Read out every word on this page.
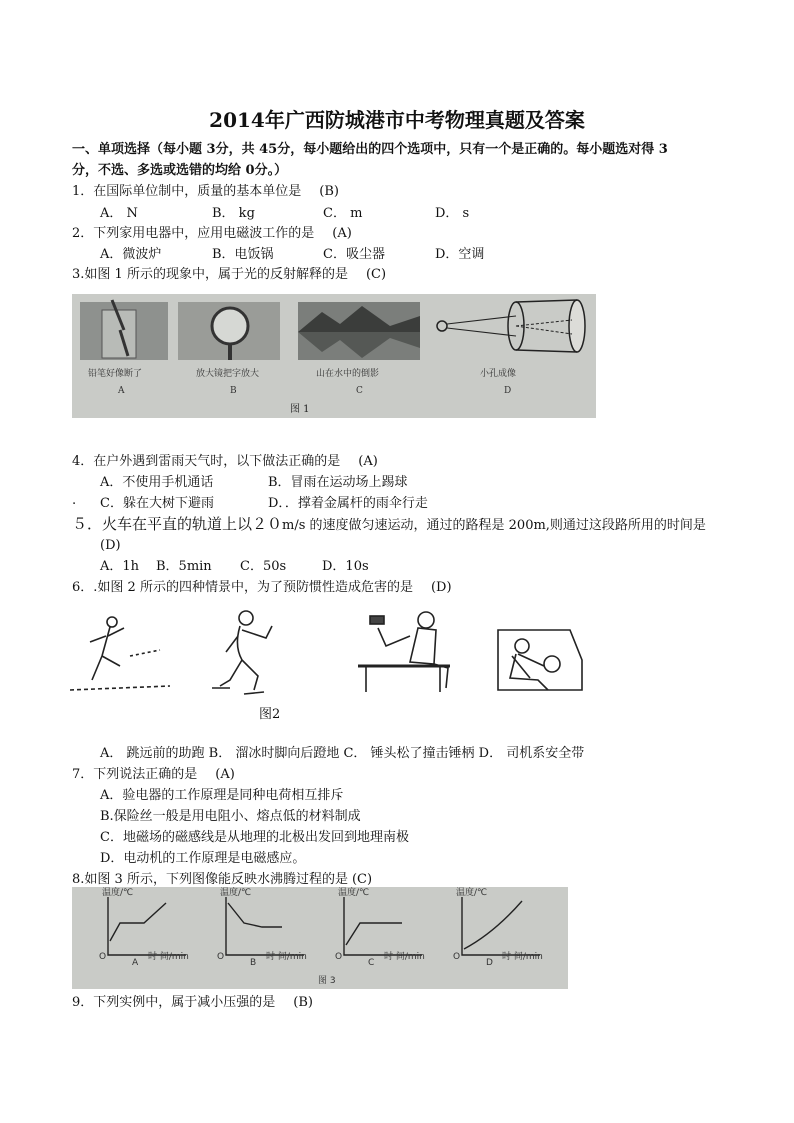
2014年广西防城港市中考物理真题及答案
一、单项选择（每小题 3分，共 45分，每小题给出的四个选项中，只有一个是正确的。每小题选对得 3
分，不选、多选或选错的均给 0分。）
1．在国际单位制中，质量的基本单位是 (B)
A． N	B． kg	C． m	D． s
2．下列家用电器中，应用电磁波工作的是 (A)
A．微波炉	B．电饭锅	C．吸尘器	D．空调
3.如图 1 所示的现象中，属于光的反射解释的是 (C)
铅笔好像断了	放大镜把字放大	山在水中的倒影	小孔成像
A	B	C	D
图 1
4．在户外遇到雷雨天气时，以下做法正确的是 (A)
A．不使用手机通话	B．冒雨在运动场上踢球
. C．躲在大树下避雨	D．．撑着金属杆的雨伞行走
５．火车在平直的轨道上以２０m/s 的速度做匀速运动，通过的路程是 200m,则通过这段路所用的时间是
(D)
A．1h B．5min C．50s	D．10s
6．.如图 2 所示的四种情景中，为了预防惯性造成危害的是 (D)
图2
A． 跳远前的助跑 B． 溜冰时脚向后蹬地 C． 锤头松了撞击锤柄 D． 司机系安全带
7．下列说法正确的是 (A)
A．验电器的工作原理是同种电荷相互排斥
B.保险丝一般是用电阻小、熔点低的材料制成
C．地磁场的磁感线是从地理的北极出发回到地理南极
D．电动机的工作原理是电磁感应。
8.如图 3 所示，下列图像能反映水沸腾过程的是 (C)
温度/℃
O
A
时 间/min
温度/℃
O
B
时 间/min
温度/℃
O
C
时 间/min
温度/℃
O
D
时 间/min
图 3
9．下列实例中，属于减小压强的是 (B)
